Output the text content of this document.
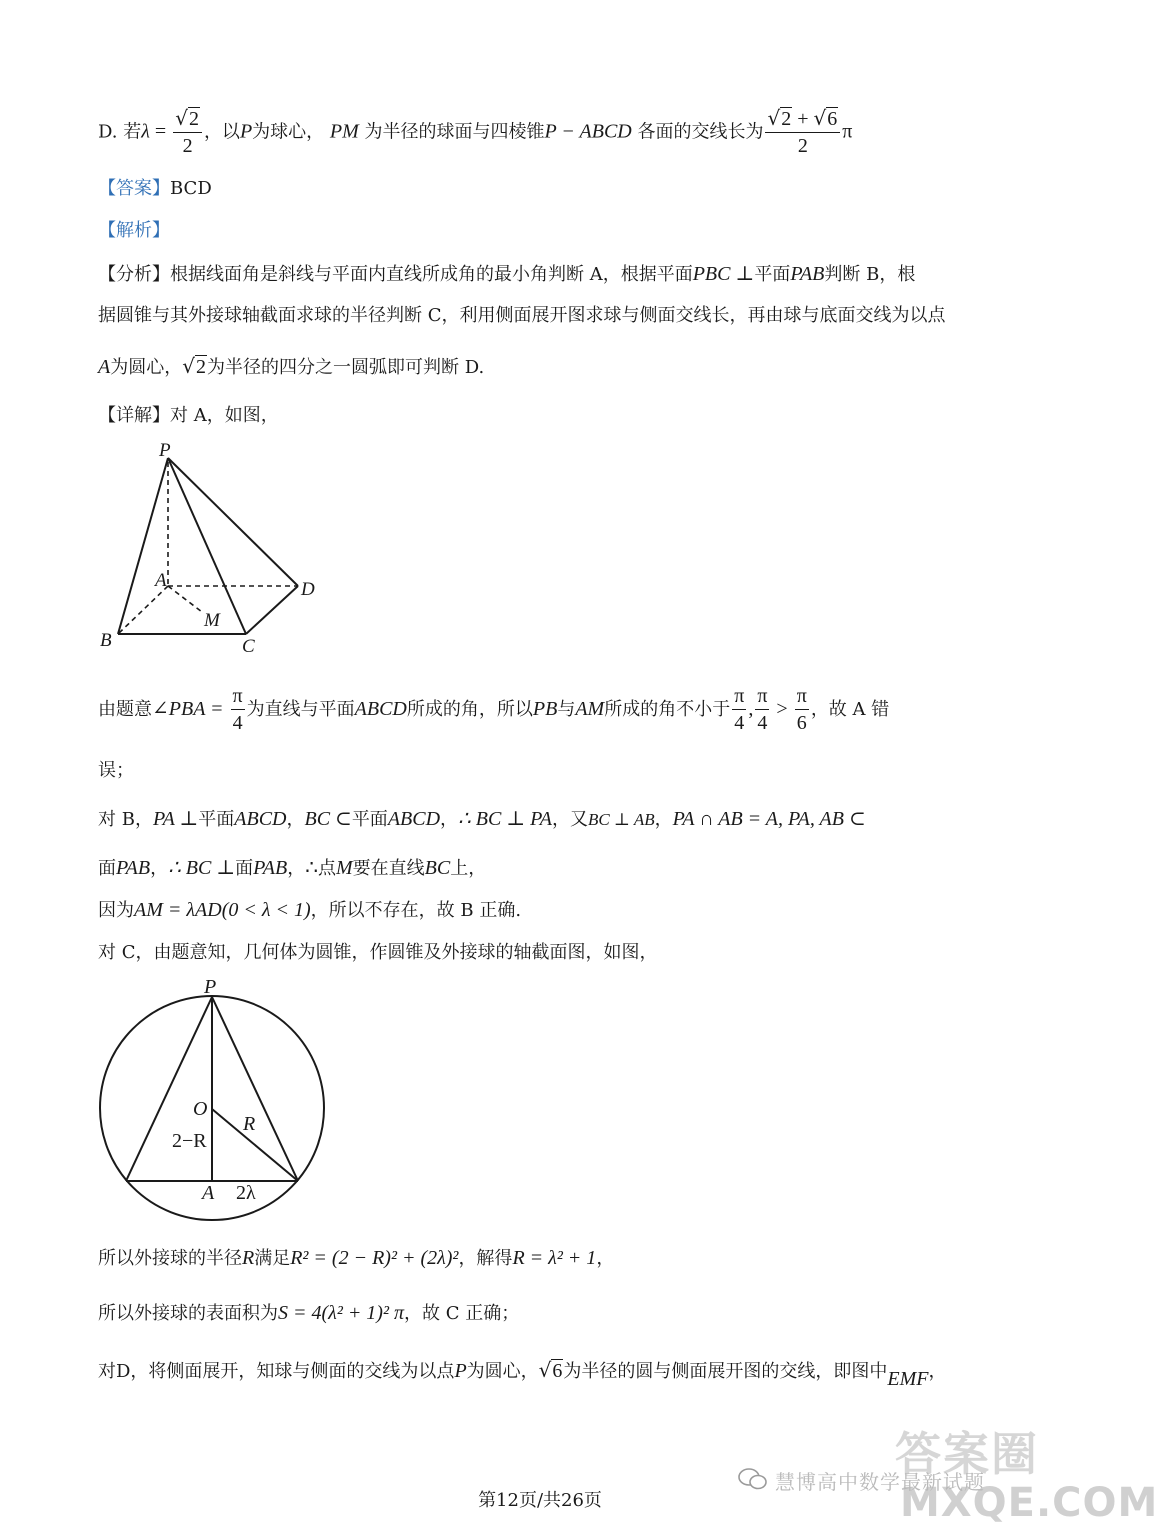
D. 若$\lambda = \frac{√2}{2}$ ，以P为球心， PM 为半径的球面与四棱锥P − ABCD 各面的交线长为 $\frac{√2 + √6}{2}$ π
【答案】BCD
【解析】
【分析】根据线面角是斜线与平面内直线所成角的最小角判断 A，根据平面PBC ⊥平面PAB判断 B，根
据圆锥与其外接球轴截面求球的半径判断 C，利用侧面展开图求球与侧面交线长，再由球与底面交线为以点
A为圆心，√2为半径的四分之一圆弧即可判断 D.
【详解】对 A，如图，
P
A	D
M
B	C
由题意∠PBA = $\frac{\pi}{4}$ 为直线与平面ABCD所成的角，所以PB与AM所成的角不小于 $\frac{\pi}{4}$ , $\frac{\pi}{4} > \frac{\pi}{6}$ ，故 A 错
误；
对 B，PA ⊥平面ABCD，BC ⊂平面ABCD，∴ BC ⊥ PA，又BC ⊥ AB，PA ∩ AB = A, PA, AB ⊂
面PAB，∴ BC ⊥面PAB，∴点M要在直线BC上，
因为AM = λAD(0 < λ < 1)，所以不存在，故 B 正确.
对 C，由题意知，几何体为圆锥，作圆锥及外接球的轴截面图，如图，
P
O
R
2−R
A 2λ
所以外接球的半径R满足R² = (2 − R)² + (2λ)²，解得R = λ² + 1，
所以外接球的表面积为S = 4(λ² + 1)² π，故 C 正确；
对D，将侧面展开，知球与侧面的交线为以点P为圆心，√6为半径的圆与侧面展开图的交线，即图中EMF，
答案圈
MXQE.COM
慧博高中数学最新试题
第12页/共26页
